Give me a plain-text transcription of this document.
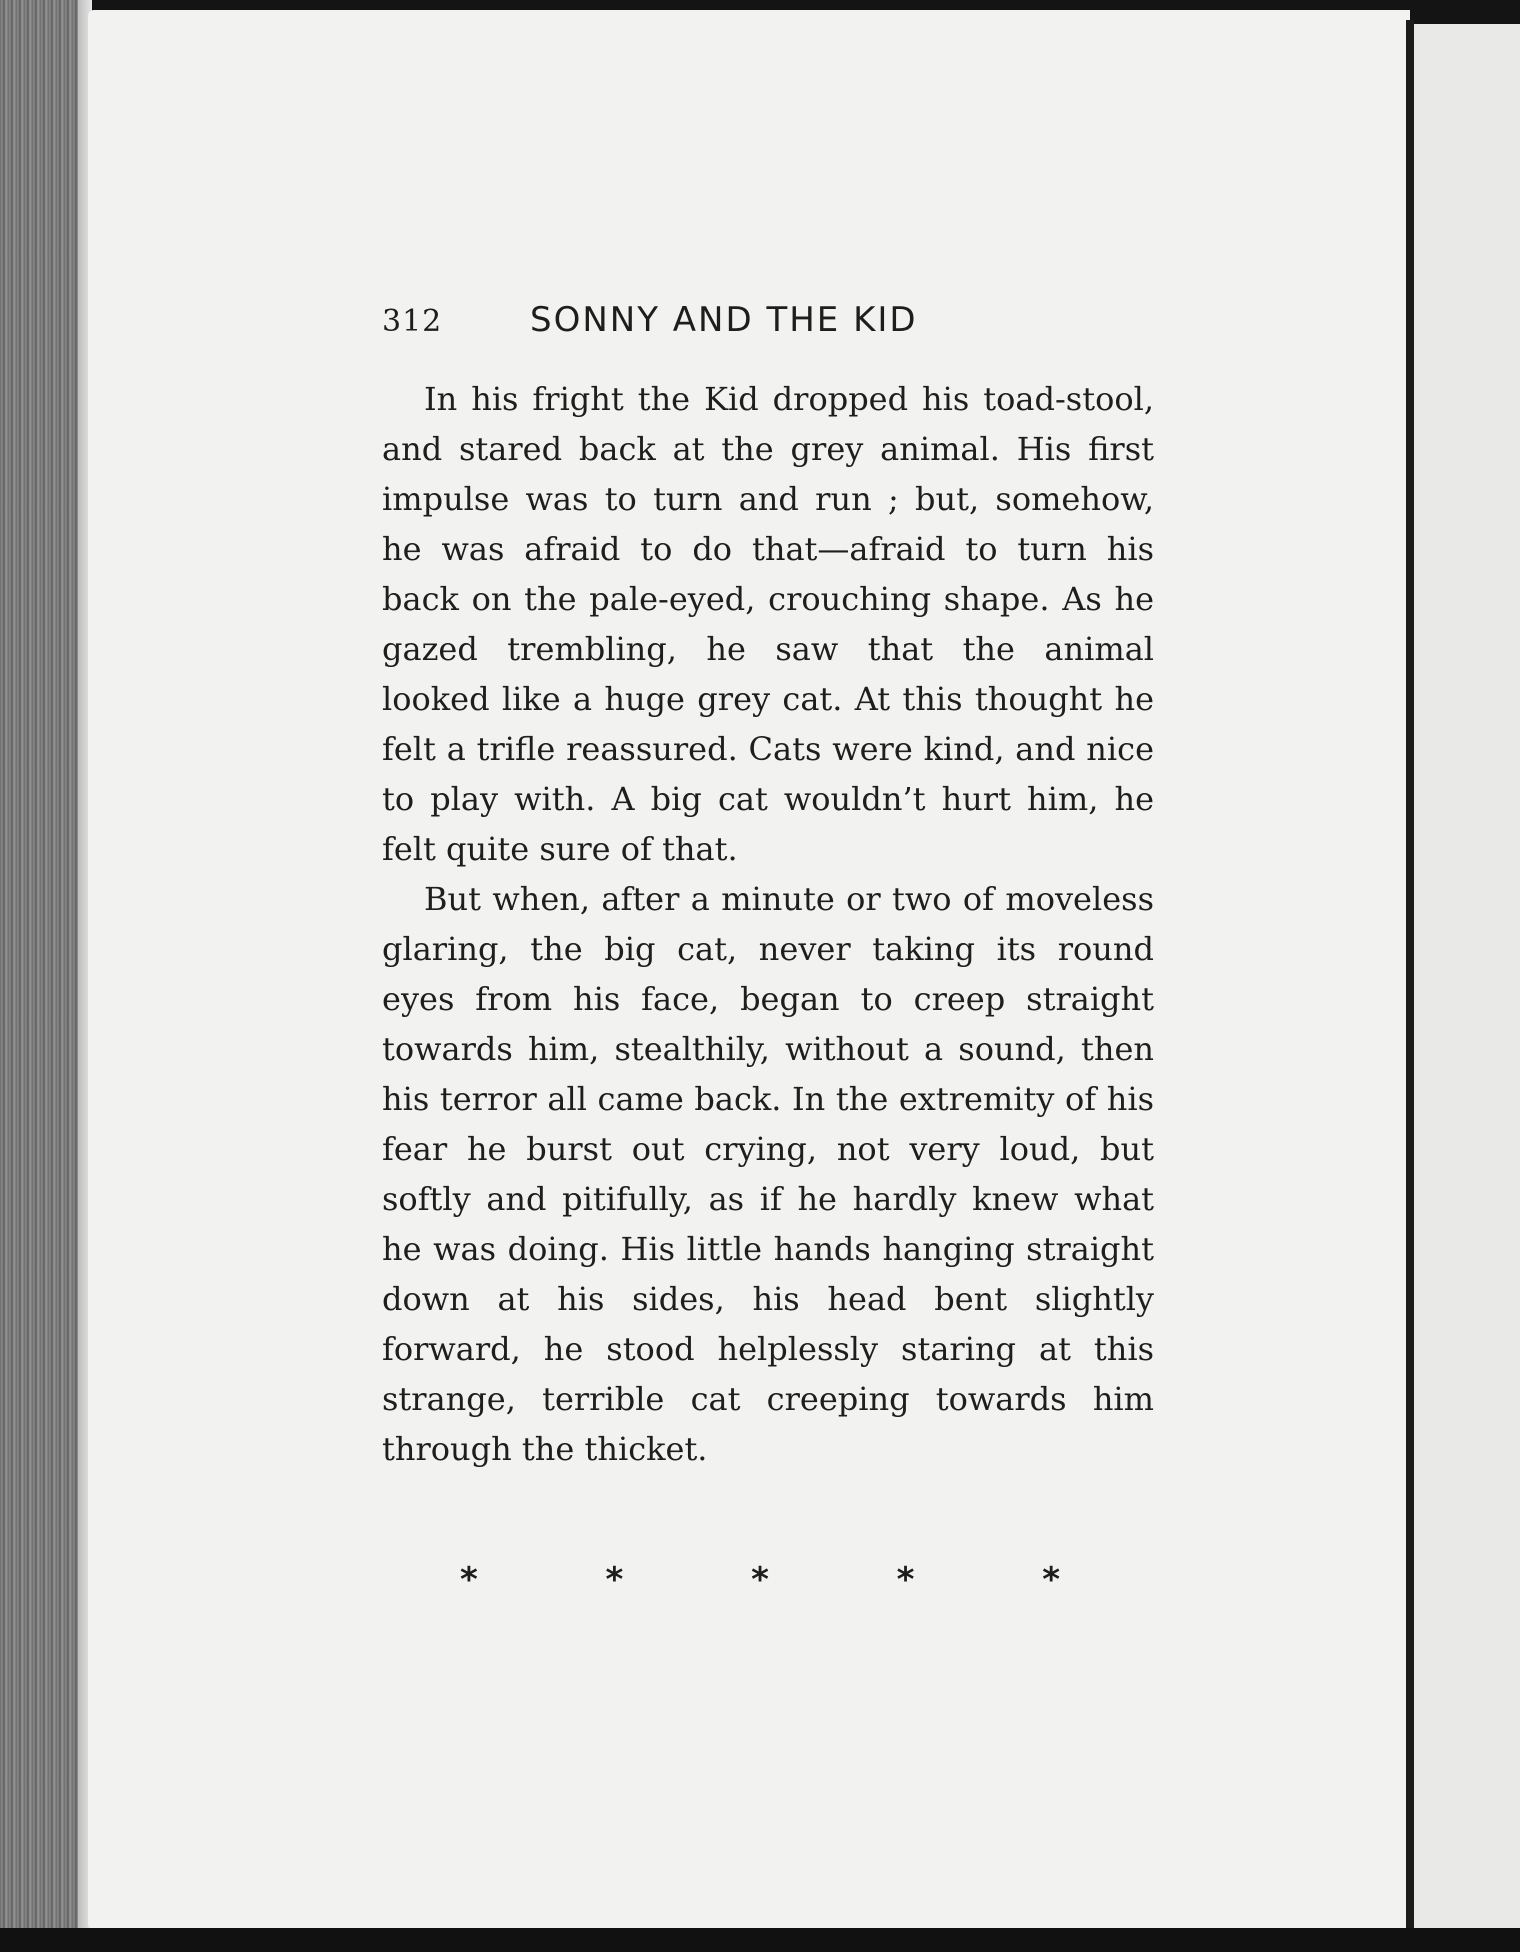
312	SONNY AND THE KID

In his fright the Kid dropped his toad-stool, and stared back at the grey animal. His first impulse was to turn and run ; but, somehow, he was afraid to do that—afraid to turn his back on the pale-eyed, crouching shape. As he gazed trembling, he saw that the animal looked like a huge grey cat. At this thought he felt a trifle reassured. Cats were kind, and nice to play with. A big cat wouldn’t hurt him, he felt quite sure of that.

But when, after a minute or two of moveless glaring, the big cat, never taking its round eyes from his face, began to creep straight towards him, stealthily, without a sound, then his terror all came back. In the extremity of his fear he burst out crying, not very loud, but softly and pitifully, as if he hardly knew what he was doing. His little hands hanging straight down at his sides, his head bent slightly forward, he stood helplessly staring at this strange, terrible cat creeping towards him through the thicket.

*	*	*	*	*
